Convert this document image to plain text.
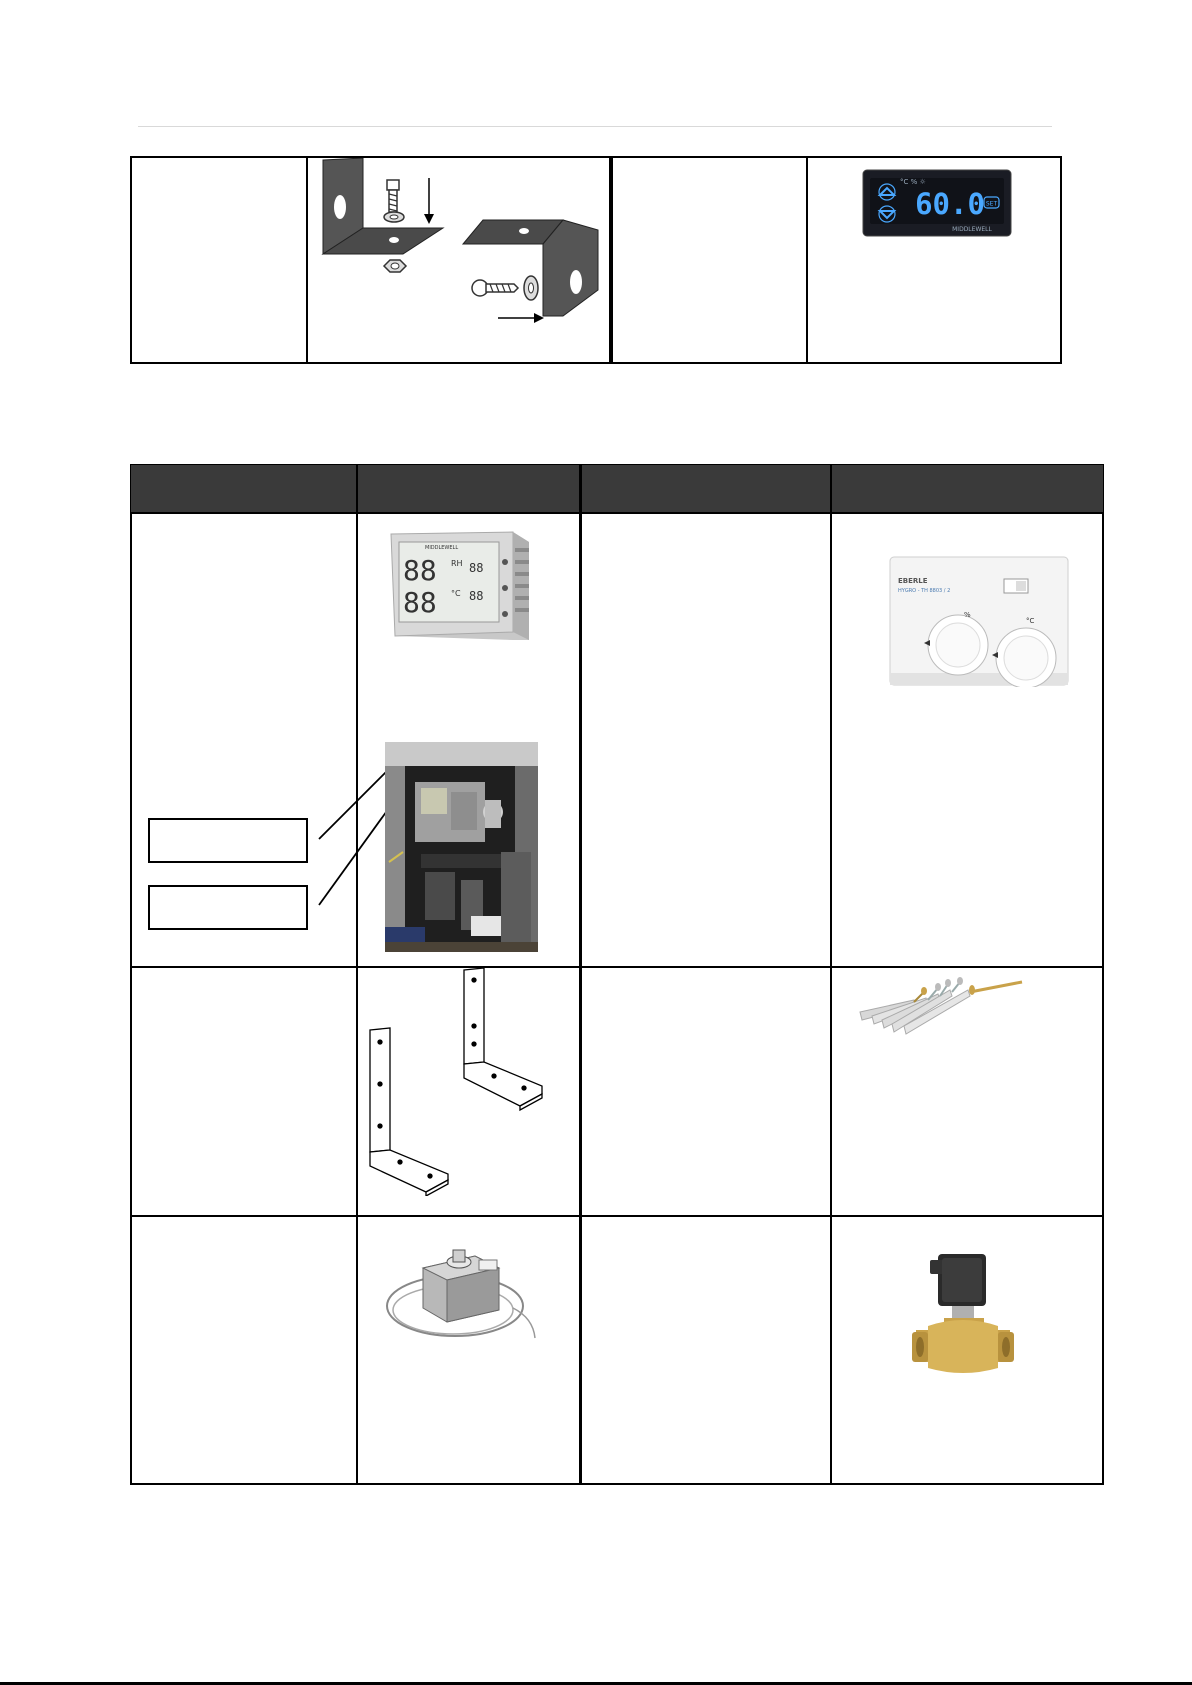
SET
°C % ☼
60.0
MIDDLEWELL
88
88
RH
°C
88
88
MIDDLEWELL
EBERLE
HYGRO - TH 8803 / 2
%
°C
